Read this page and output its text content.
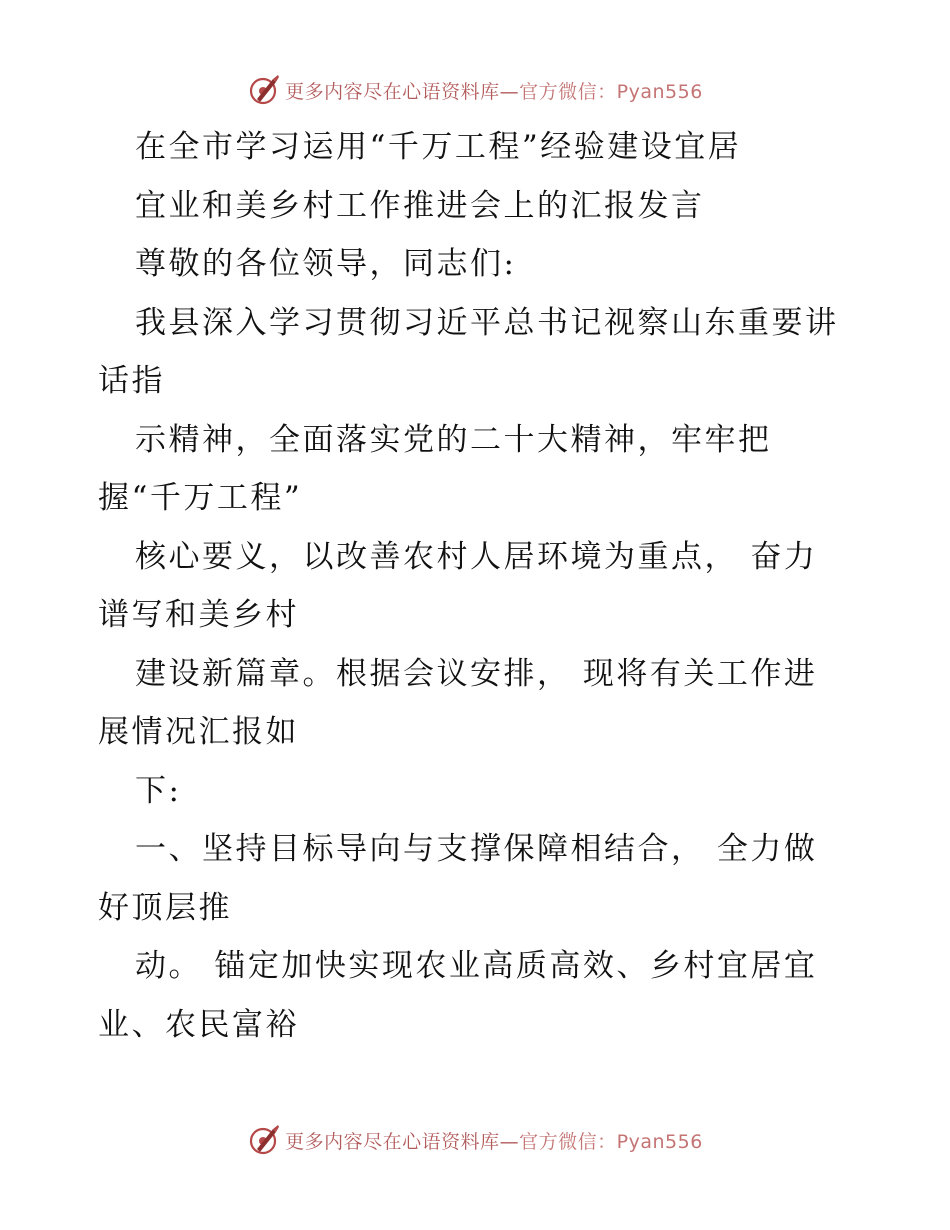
更多内容尽在心语资料库—官方微信：Pyan556
在全市学习运用“千万工程”经验建设宜居
宜业和美乡村工作推进会上的汇报发言
尊敬的各位领导，同志们:
我县深入学习贯彻习近平总书记视察山东重要讲
话指
示精神，全面落实党的二十大精神，牢牢把
握“千万工程”
核心要义，以改善农村人居环境为重点， 奋力
谱写和美乡村
建设新篇章。根据会议安排， 现将有关工作进
展情况汇报如
下:
一、坚持目标导向与支撑保障相结合， 全力做
好顶层推
动。 锚定加快实现农业高质高效、乡村宜居宜
业、农民富裕
更多内容尽在心语资料库—官方微信：Pyan556
